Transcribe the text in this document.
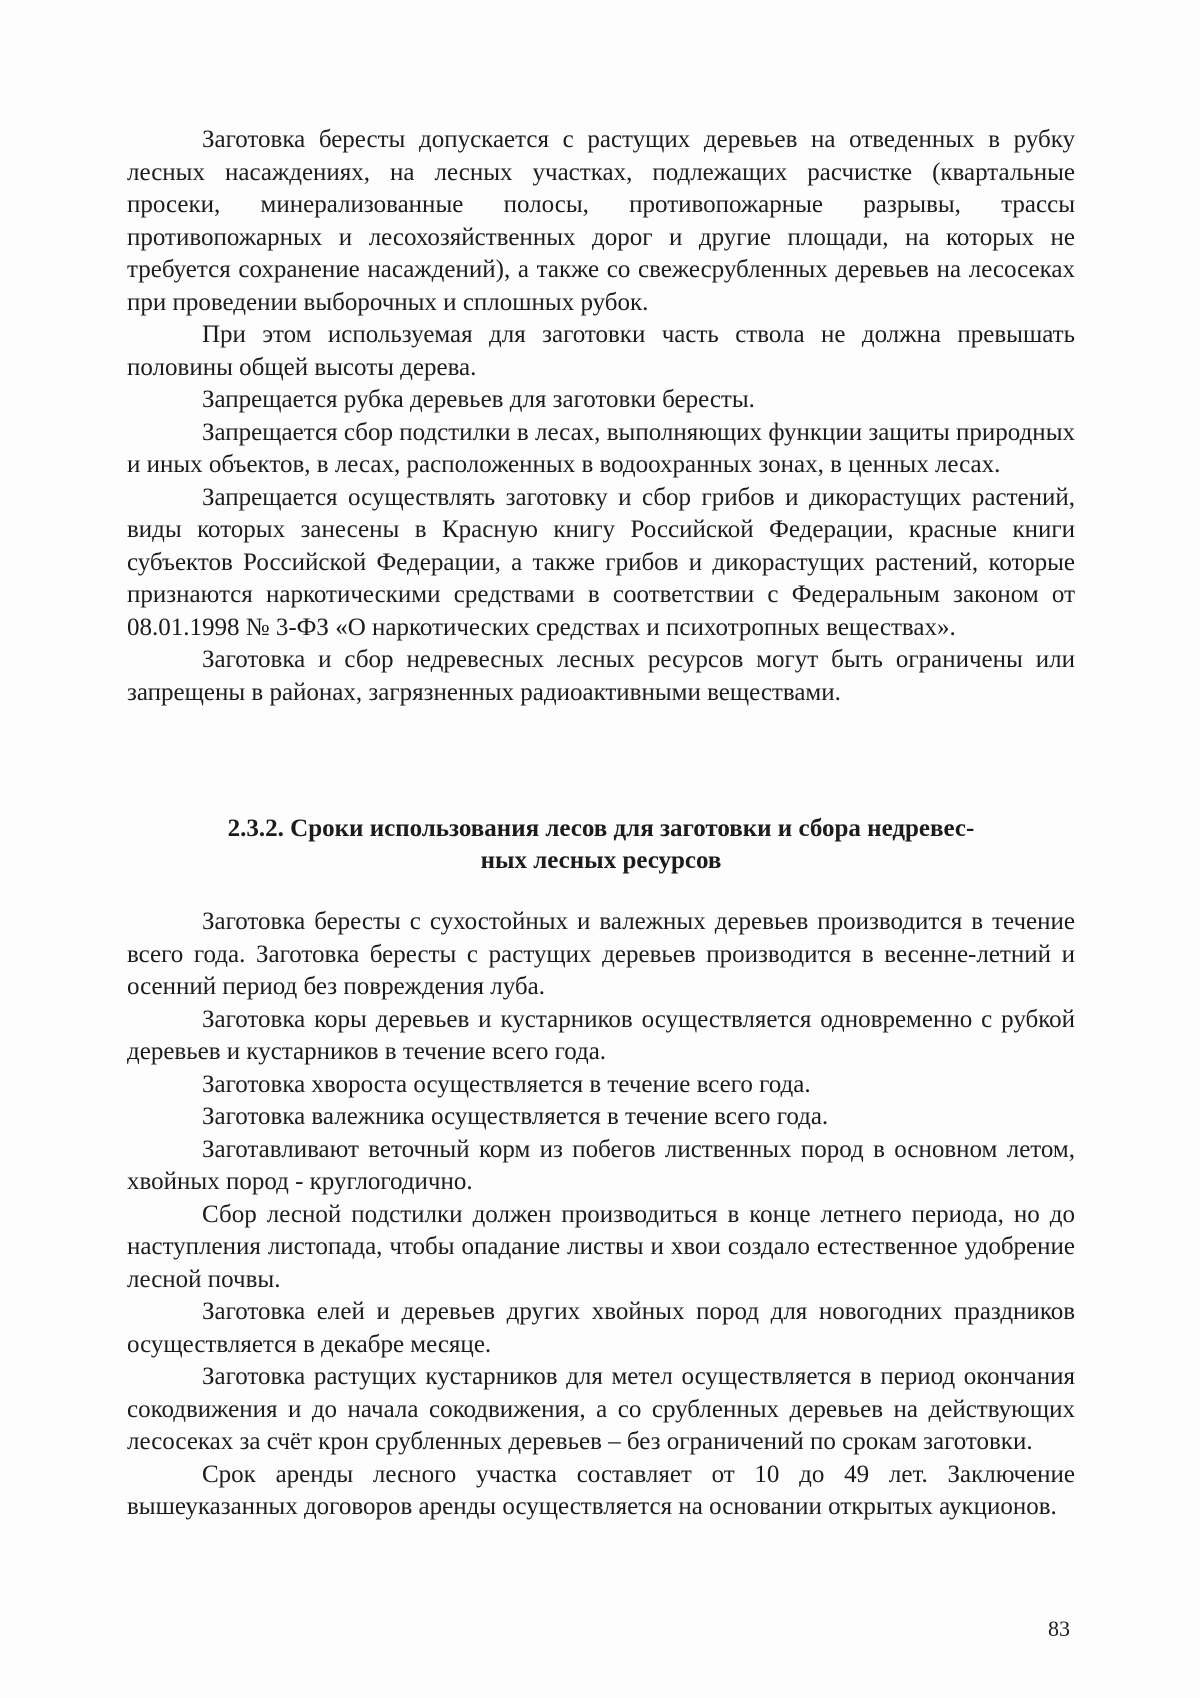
Заготовка бересты допускается с растущих деревьев на отведенных в рубку лесных насаждениях, на лесных участках, подлежащих расчистке (квартальные просеки, минерализованные полосы, противопожарные разрывы, трассы противопожарных и лесохозяйственных дорог и другие площади, на которых не требуется сохранение насаждений), а также со свежесрубленных деревьев на лесосеках при проведении выборочных и сплошных рубок.

При этом используемая для заготовки часть ствола не должна превышать половины общей высоты дерева.

Запрещается рубка деревьев для заготовки бересты.

Запрещается сбор подстилки в лесах, выполняющих функции защиты природных и иных объектов, в лесах, расположенных в водоохранных зонах, в ценных лесах.

Запрещается осуществлять заготовку и сбор грибов и дикорастущих растений, виды которых занесены в Красную книгу Российской Федерации, красные книги субъектов Российской Федерации, а также грибов и дикорастущих растений, которые признаются наркотическими средствами в соответствии с Федеральным законом от 08.01.1998 № 3-ФЗ «О наркотических средствах и психотропных веществах».

Заготовка и сбор недревесных лесных ресурсов могут быть ограничены или запрещены в районах, загрязненных радиоактивными веществами.

2.3.2. Сроки использования лесов для заготовки и сбора недревес-
ных лесных ресурсов

Заготовка бересты с сухостойных и валежных деревьев производится в течение всего года. Заготовка бересты с растущих деревьев производится в весенне-летний и осенний период без повреждения луба.

Заготовка коры деревьев и кустарников осуществляется одновременно с рубкой деревьев и кустарников в течение всего года.

Заготовка хвороста осуществляется в течение всего года.

Заготовка валежника осуществляется в течение всего года.

Заготавливают веточный корм из побегов лиственных пород в основном летом, хвойных пород - круглогодично.

Сбор лесной подстилки должен производиться в конце летнего периода, но до наступления листопада, чтобы опадание листвы и хвои создало естественное удобрение лесной почвы.

Заготовка елей и деревьев других хвойных пород для новогодних праздников осуществляется в декабре месяце.

Заготовка растущих кустарников для метел осуществляется в период окончания сокодвижения и до начала сокодвижения, а со срубленных деревьев на действующих лесосеках за счёт крон срубленных деревьев – без ограничений по срокам заготовки.

Срок аренды лесного участка составляет от 10 до 49 лет. Заключение вышеуказанных договоров аренды осуществляется на основании открытых аукционов.

83
